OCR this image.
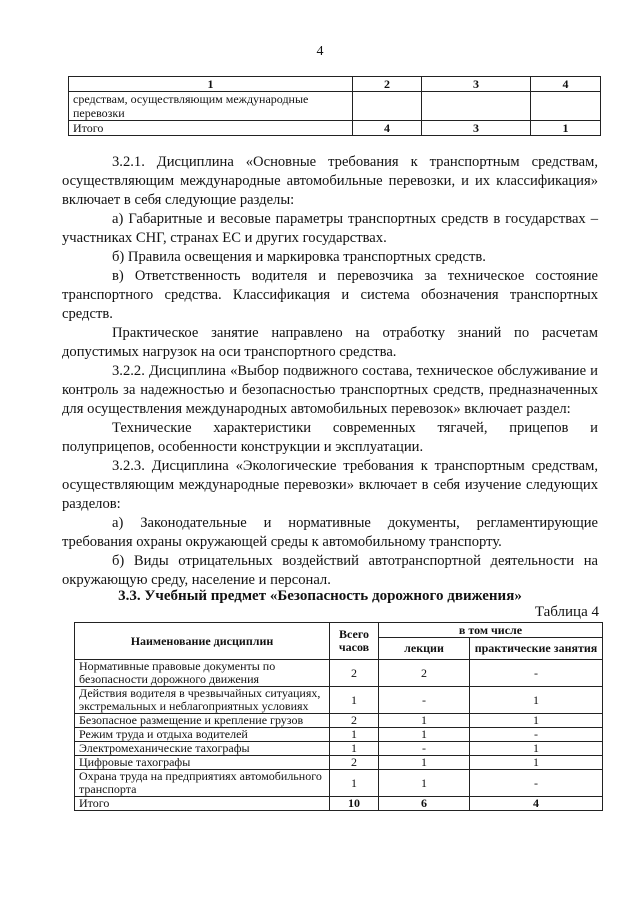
4
1	2	3	4
средствам, осуществляющим международные перевозки			
Итого	4	3	1

3.2.1. Дисциплина «Основные требования к транспортным средствам, осуществляющим международные автомобильные перевозки, и их классификация» включает в себя следующие разделы:

а) Габаритные и весовые параметры транспортных средств в государствах – участниках СНГ, странах ЕС и других государствах.

б) Правила освещения и маркировка транспортных средств.

в) Ответственность водителя и перевозчика за техническое состояние транспортного средства. Классификация и система обозначения транспортных средств.

Практическое занятие направлено на отработку знаний по расчетам допустимых нагрузок на оси транспортного средства.

3.2.2. Дисциплина «Выбор подвижного состава, техническое обслуживание и контроль за надежностью и безопасностью транспортных средств, предназначенных для осуществления международных автомобильных перевозок» включает раздел:

Технические характеристики современных тягачей, прицепов и полуприцепов, особенности конструкции и эксплуатации.

3.2.3. Дисциплина «Экологические требования к транспортным средствам, осуществляющим международные перевозки» включает в себя изучение следующих разделов:

а) Законодательные и нормативные документы, регламентирующие требования охраны окружающей среды к автомобильному транспорту.

б) Виды отрицательных воздействий автотранспортной деятельности на окружающую среду, население и персонал.

3.3. Учебный предмет «Безопасность дорожного движения»
Таблица 4
Наименование дисциплин	Всего часов	в том числе	
		лекции	практические занятия
Нормативные правовые документы по безопасности дорожного движения	2	2	-
Действия водителя в чрезвычайных ситуациях, экстремальных и неблагоприятных условиях	1	-	1
Безопасное размещение и крепление грузов	2	1	1
Режим труда и отдыха водителей	1	1	-
Электромеханические тахографы	1	-	1
Цифровые тахографы	2	1	1
Охрана труда на предприятиях автомобильного транспорта	1	1	-
Итого	10	6	4
